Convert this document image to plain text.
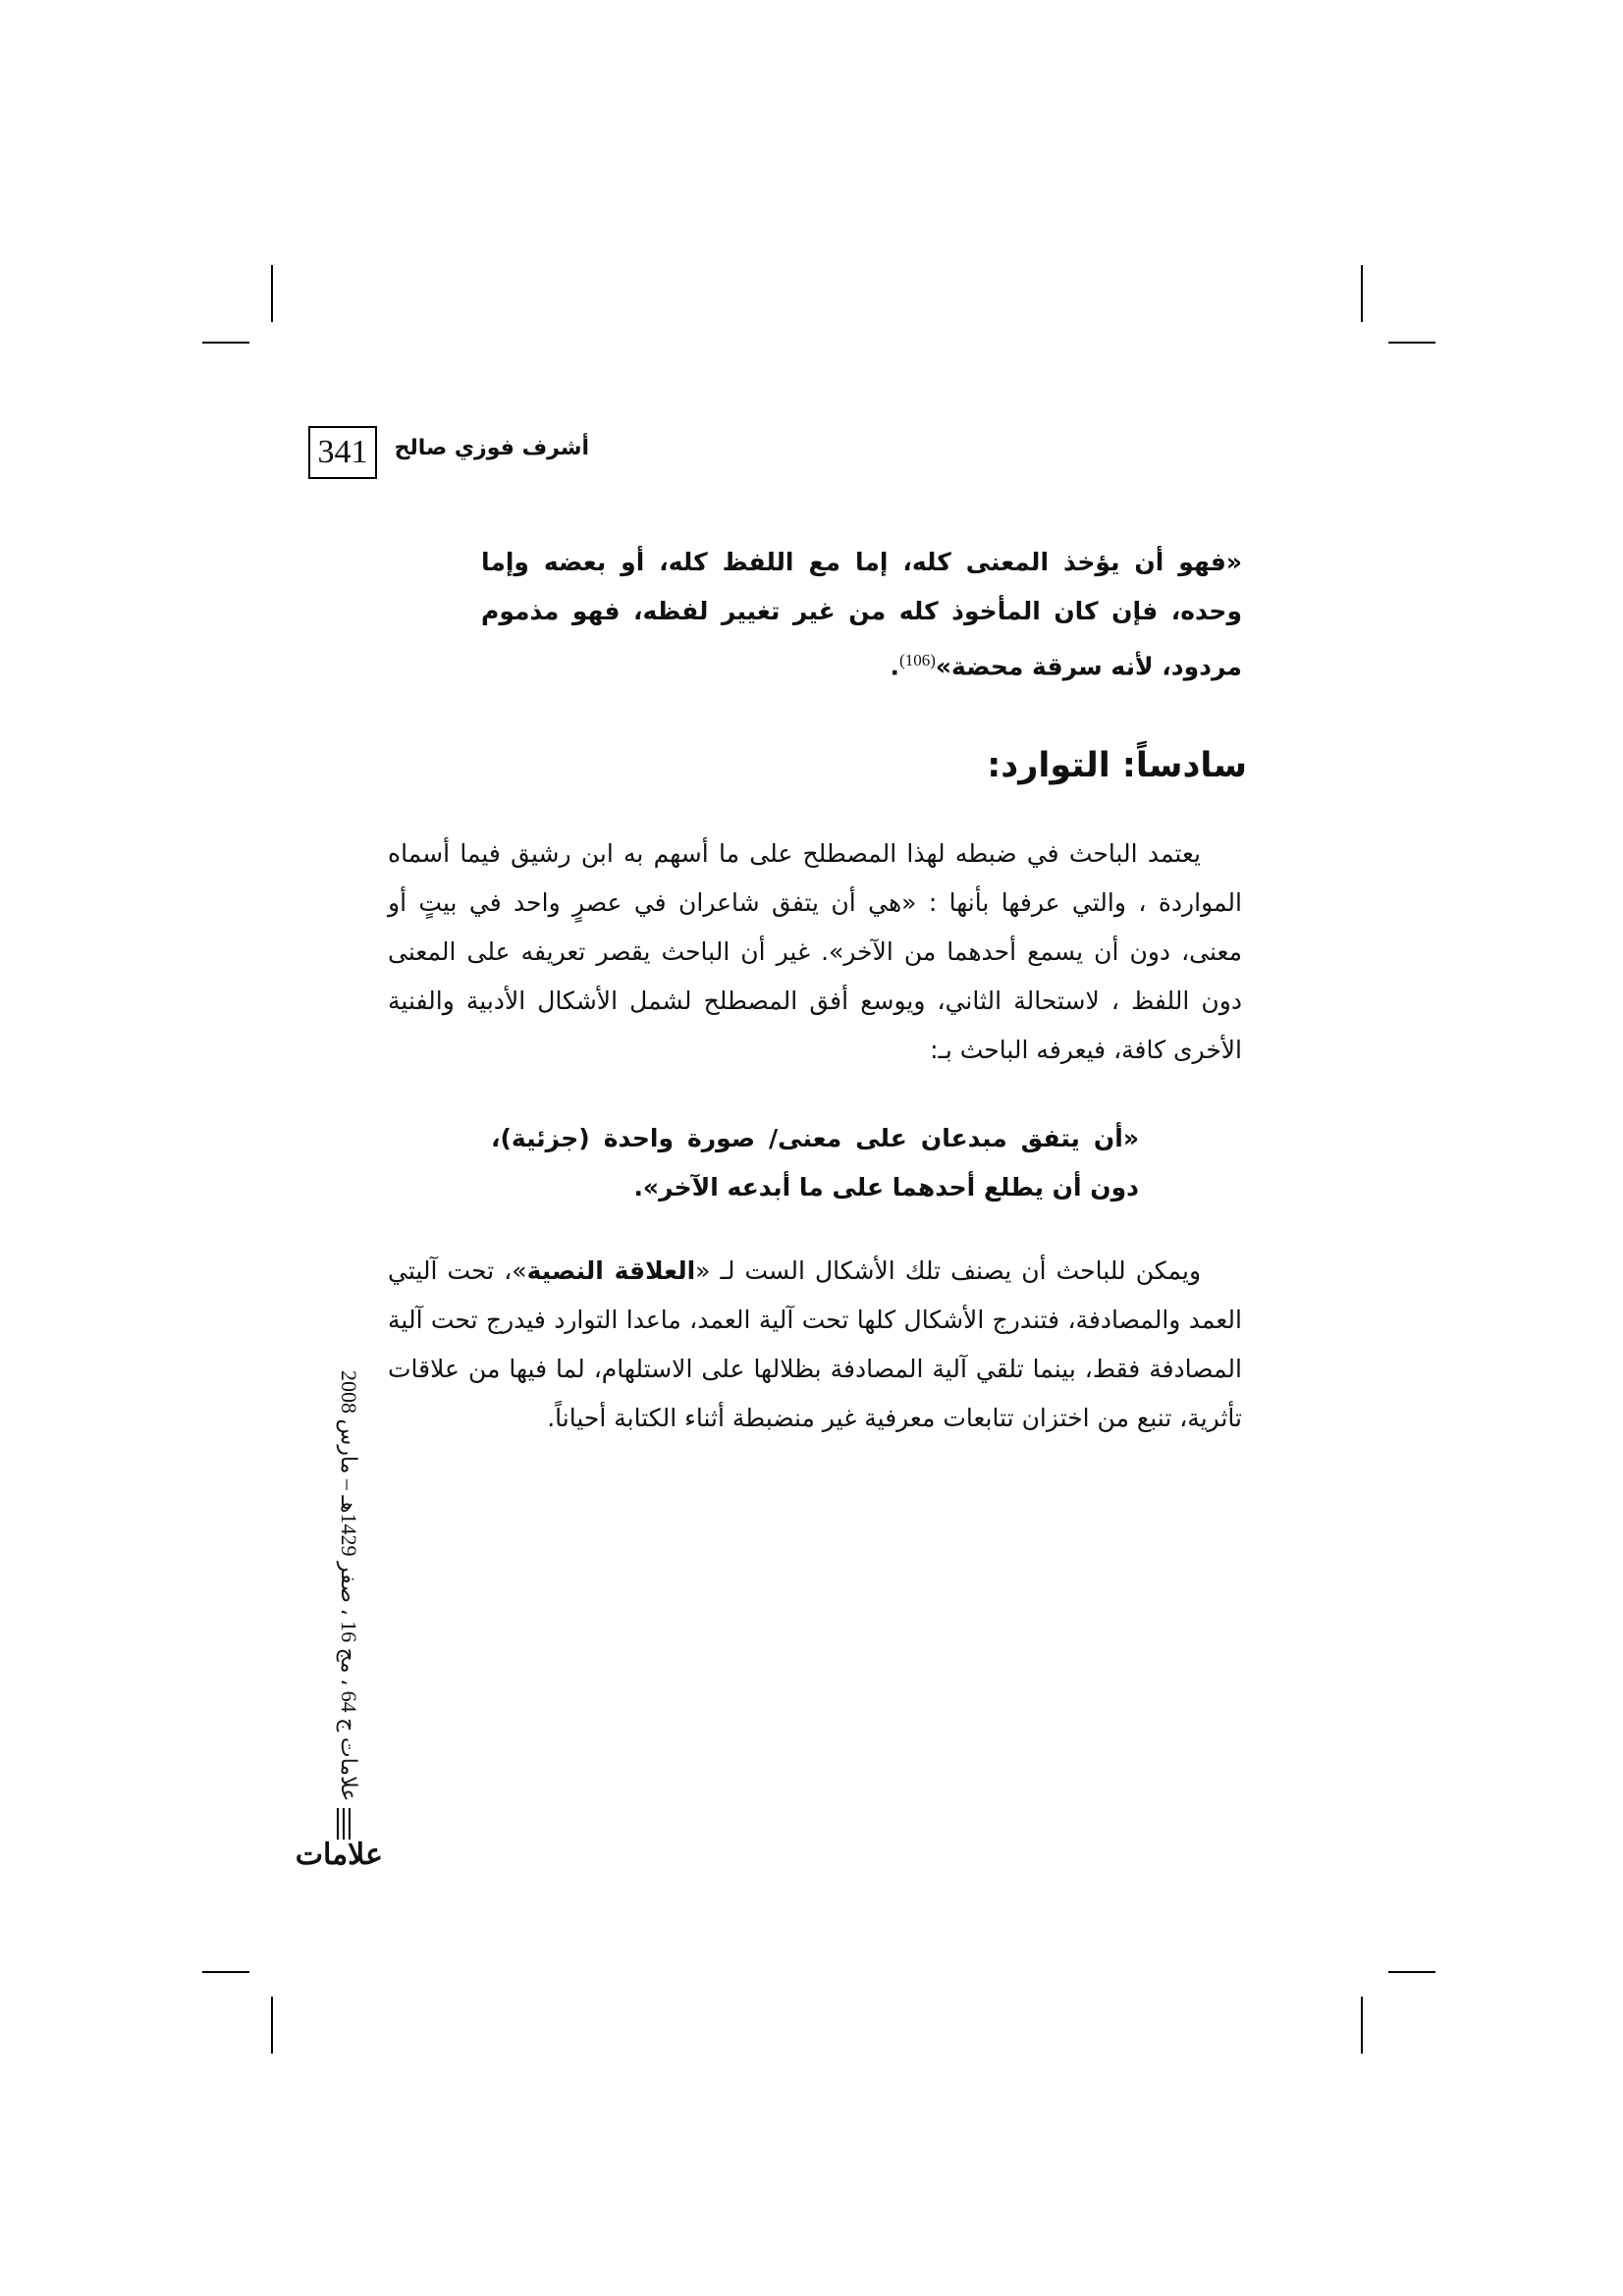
341	أشرف فوزي صالح
«فهو أن يؤخذ المعنى كله، إما مع اللفظ كله، أو بعضه وإما وحده، فإن كان المأخوذ كله من غير تغيير لفظه، فهو مذموم مردود، لأنه سرقة محضة»$^{(106)}$.
سادساً: التوارد:
يعتمد الباحث في ضبطه لهذا المصطلح على ما أسهم به ابن رشيق فيما أسماه المواردة ، والتي عرفها بأنها : «هي أن يتفق شاعران في عصرٍ واحد في بيتٍ أو معنى، دون أن يسمع أحدهما من الآخر». غير أن الباحث يقصر تعريفه على المعنى دون اللفظ ، لاستحالة الثاني، ويوسع أفق المصطلح لشمل الأشكال الأدبية والفنية الأخرى كافة، فيعرفه الباحث بـ:
«أن يتفق مبدعان على معنى/ صورة واحدة (جزئية)، دون أن يطلع أحدهما على ما أبدعه الآخر».
ويمكن للباحث أن يصنف تلك الأشكال الست لـ «العلاقة النصية»، تحت آليتي العمد والمصادفة، فتندرج الأشكال كلها تحت آلية العمد، ماعدا التوارد فيدرج تحت آلية المصادفة فقط، بينما تلقي آلية المصادفة بظلالها على الاستلهام، لما فيها من علاقات تأثرية، تنبع من اختزان تتابعات معرفية غير منضبطة أثناء الكتابة أحياناً.
علامات ج 64 ، مج 16 ، صفر 1429هـ – مارس 2008
علامات
